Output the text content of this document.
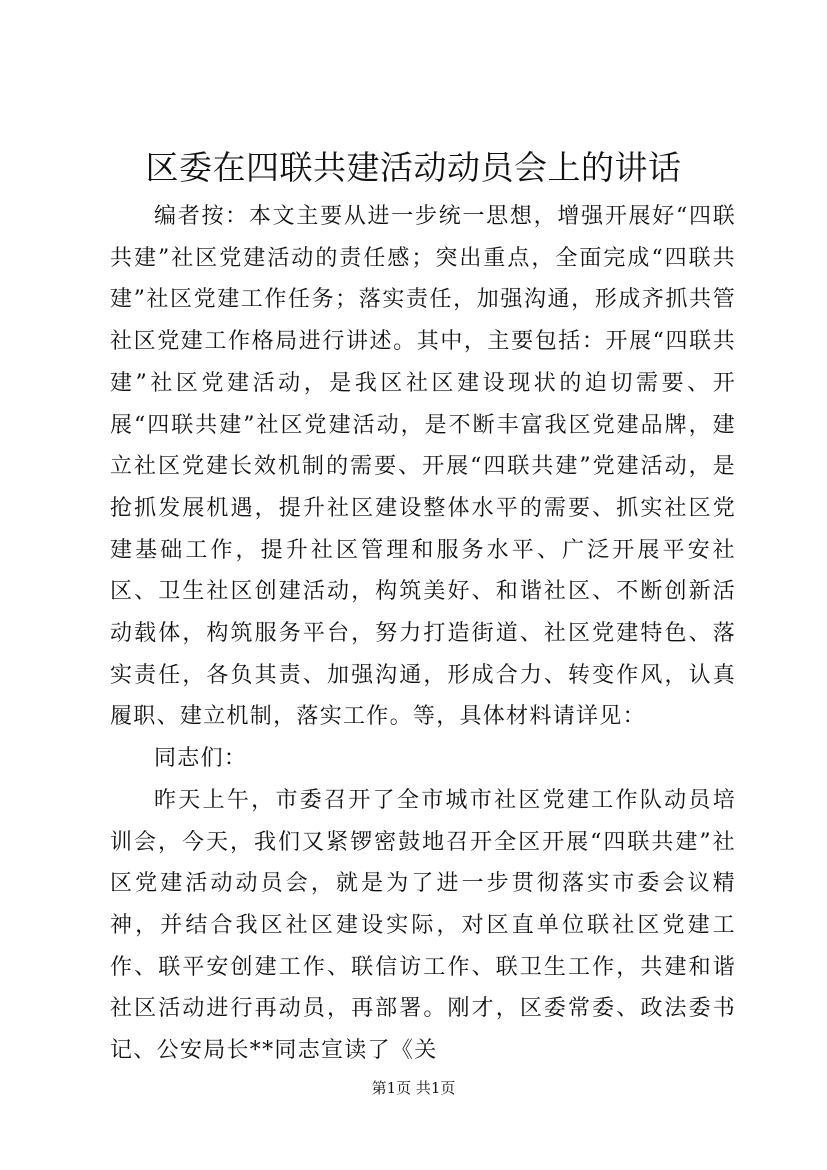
区委在四联共建活动动员会上的讲话

编者按：本文主要从进一步统一思想，增强开展好“四联共建”社区党建活动的责任感；突出重点，全面完成“四联共建”社区党建工作任务；落实责任，加强沟通，形成齐抓共管社区党建工作格局进行讲述。其中，主要包括：开展“四联共建”社区党建活动，是我区社区建设现状的迫切需要、开展“四联共建”社区党建活动，是不断丰富我区党建品牌，建立社区党建长效机制的需要、开展“四联共建”党建活动，是抢抓发展机遇，提升社区建设整体水平的需要、抓实社区党建基础工作，提升社区管理和服务水平、广泛开展平安社区、卫生社区创建活动，构筑美好、和谐社区、不断创新活动载体，构筑服务平台，努力打造街道、社区党建特色、落实责任，各负其责、加强沟通，形成合力、转变作风，认真履职、建立机制，落实工作。等，具体材料请详见：

同志们：

昨天上午，市委召开了全市城市社区党建工作队动员培训会，今天，我们又紧锣密鼓地召开全区开展“四联共建”社区党建活动动员会，就是为了进一步贯彻落实市委会议精神，并结合我区社区建设实际，对区直单位联社区党建工作、联平安创建工作、联信访工作、联卫生工作，共建和谐社区活动进行再动员，再部署。刚才，区委常委、政法委书记、公安局长**同志宣读了《关

第1页 共1页
